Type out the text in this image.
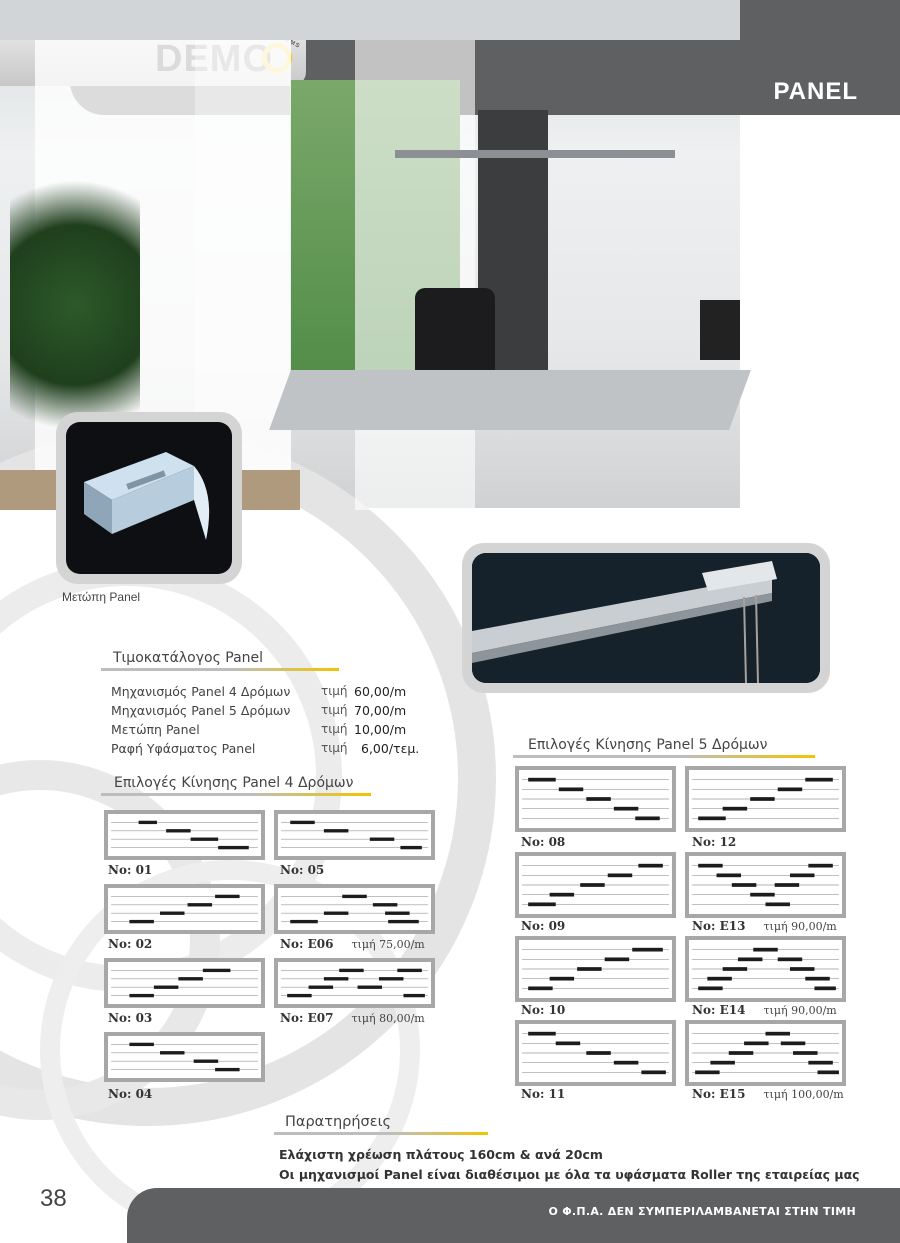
PANEL
Μετώπη Panel
Τιμοκατάλογος Panel
Μηχανισμός Panel 4 Δρόμων	τιμή 60,00/m
Μηχανισμός Panel 5 Δρόμων	τιμή 70,00/m
Μετώπη Panel	τιμή 10,00/m
Ραφή Υφάσματος Panel	τιμή 6,00/τεμ.
Επιλογές Κίνησης Panel 4 Δρόμων
No: 01	No: 05
No: 02	No: E06 τιμή 75,00/m
No: 03	No: E07 τιμή 80,00/m
No: 04
Επιλογές Κίνησης Panel 5 Δρόμων
No: 08	No: 12
No: 09	No: E13 τιμή 90,00/m
No: 10	No: E14 τιμή 90,00/m
No: 11	No: E15 τιμή 100,00/m
Παρατηρήσεις
Ελάχιστη χρέωση πλάτους 160cm & ανά 20cm
Οι μηχανισμοί Panel είναι διαθέσιμοι με όλα τα υφάσματα Roller της εταιρείας μας
38	Ο Φ.Π.Α. ΔΕΝ ΣΥΜΠΕΡΙΛΑΜΒΑΝΕΤΑΙ ΣΤΗΝ ΤΙΜΗ
